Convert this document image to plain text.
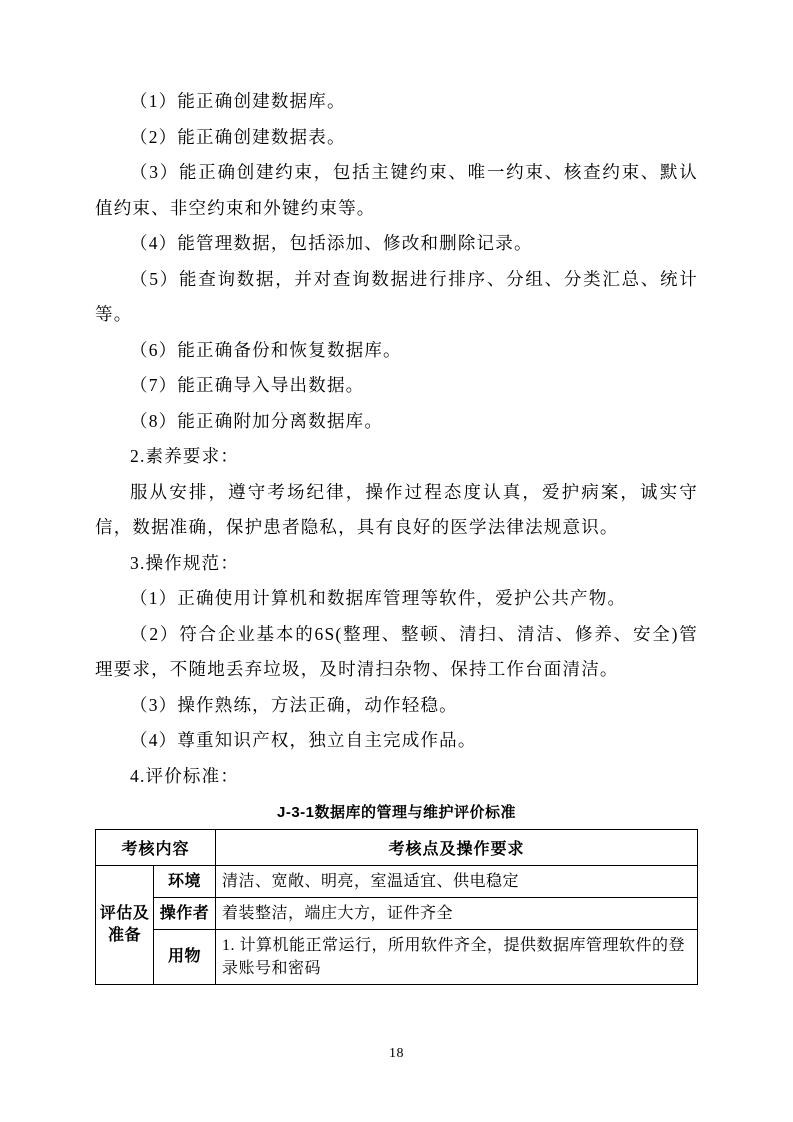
（1）能正确创建数据库。

（2）能正确创建数据表。

（3）能正确创建约束，包括主键约束、唯一约束、核查约束、默认值约束、非空约束和外键约束等。

（4）能管理数据，包括添加、修改和删除记录。

（5）能查询数据，并对查询数据进行排序、分组、分类汇总、统计等。

（6）能正确备份和恢复数据库。

（7）能正确导入导出数据。

（8）能正确附加分离数据库。

2.素养要求：

服从安排，遵守考场纪律，操作过程态度认真，爱护病案，诚实守信，数据准确，保护患者隐私，具有良好的医学法律法规意识。

3.操作规范：

（1）正确使用计算机和数据库管理等软件，爱护公共产物。

（2）符合企业基本的6S(整理、整顿、清扫、清洁、修养、安全)管理要求，不随地丢弃垃圾，及时清扫杂物、保持工作台面清洁。

（3）操作熟练，方法正确，动作轻稳。

（4）尊重知识产权，独立自主完成作品。

4.评价标准：

J-3-1数据库的管理与维护评价标准

考核内容		考核点及操作要求
评估及准备	环境	清洁、宽敞、明亮，室温适宜、供电稳定
	操作者	着装整洁，端庄大方，证件齐全
	用物	1. 计算机能正常运行，所用软件齐全，提供数据库管理软件的登录账号和密码
18
